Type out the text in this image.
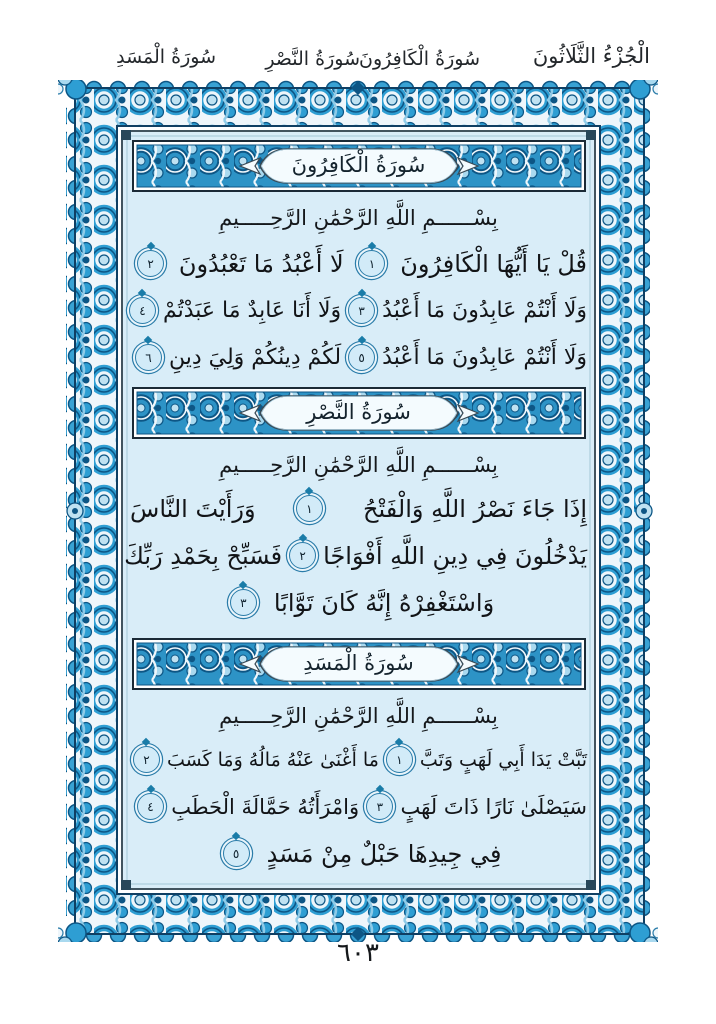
الْجُزْءُ الثَّلَاثُونَ
سُورَةُ الْكَافِرُونَ
سُورَةُ النَّصْرِ
سُورَةُ الْمَسَدِ
سُورَةُ الْكَافِرُونَ
بِسْــــــمِ اللَّهِ الرَّحْمَٰنِ الرَّحِـــــيمِ
قُلْ يَا أَيُّهَا الْكَافِرُونَ
١
لَا أَعْبُدُ مَا تَعْبُدُونَ
٢
وَلَا أَنْتُمْ عَابِدُونَ مَا أَعْبُدُ
٣
وَلَا أَنَا عَابِدٌ مَا عَبَدْتُمْ
٤
وَلَا أَنْتُمْ عَابِدُونَ مَا أَعْبُدُ
٥
لَكُمْ دِينُكُمْ وَلِيَ دِينِ
٦
سُورَةُ النَّصْرِ
بِسْــــــمِ اللَّهِ الرَّحْمَٰنِ الرَّحِـــــيمِ
إِذَا جَاءَ نَصْرُ اللَّهِ وَالْفَتْحُ
١
وَرَأَيْتَ النَّاسَ
يَدْخُلُونَ فِي دِينِ اللَّهِ أَفْوَاجًا
٢
فَسَبِّحْ بِحَمْدِ رَبِّكَ
وَاسْتَغْفِرْهُ إِنَّهُ كَانَ تَوَّابًا
٣
سُورَةُ الْمَسَدِ
بِسْــــــمِ اللَّهِ الرَّحْمَٰنِ الرَّحِـــــيمِ
تَبَّتْ يَدَا أَبِي لَهَبٍ وَتَبَّ
١
مَا أَغْنَىٰ عَنْهُ مَالُهُ وَمَا كَسَبَ
٢
سَيَصْلَىٰ نَارًا ذَاتَ لَهَبٍ
٣
وَامْرَأَتُهُ حَمَّالَةَ الْحَطَبِ
٤
فِي جِيدِهَا حَبْلٌ مِنْ مَسَدٍ
٥
٦٠٣
